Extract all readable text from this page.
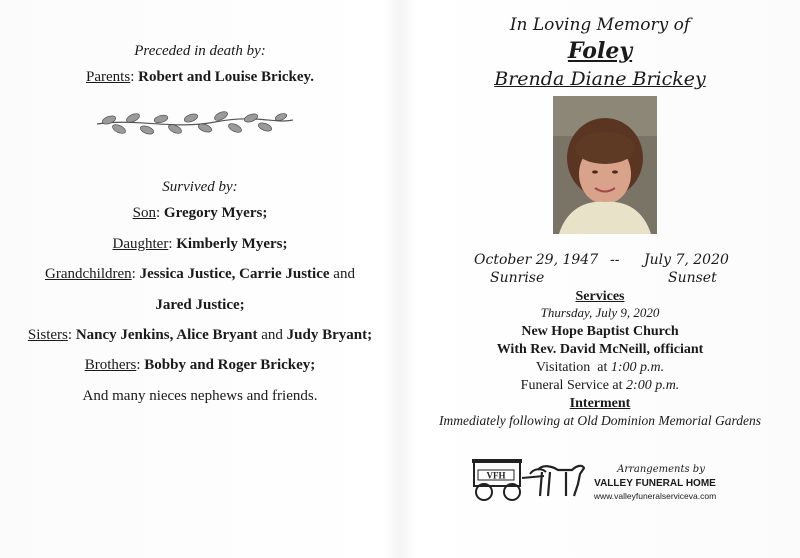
Preceded in death by:
Parents: Robert and Louise Brickey.
Survived by:
Son: Gregory Myers;
Daughter: Kimberly Myers;
Grandchildren: Jessica Justice, Carrie Justice and
Jared Justice;
Sisters: Nancy Jenkins, Alice Bryant and Judy Bryant;
Brothers: Bobby and Roger Brickey;
And many nieces nephews and friends.
In Loving Memory of
Foley
Brenda Diane Brickey
October 29, 1947 -- July 7, 2020
Sunrise	Sunset
Services
Thursday, July 9, 2020
New Hope Baptist Church
With Rev. David McNeill, officiant
Visitation  at 1:00 p.m.
Funeral Service at 2:00 p.m.
Interment
Immediately following at Old Dominion Memorial Gardens
VFH
Arrangements by
VALLEY FUNERAL HOME
www.valleyfuneralserviceva.com
